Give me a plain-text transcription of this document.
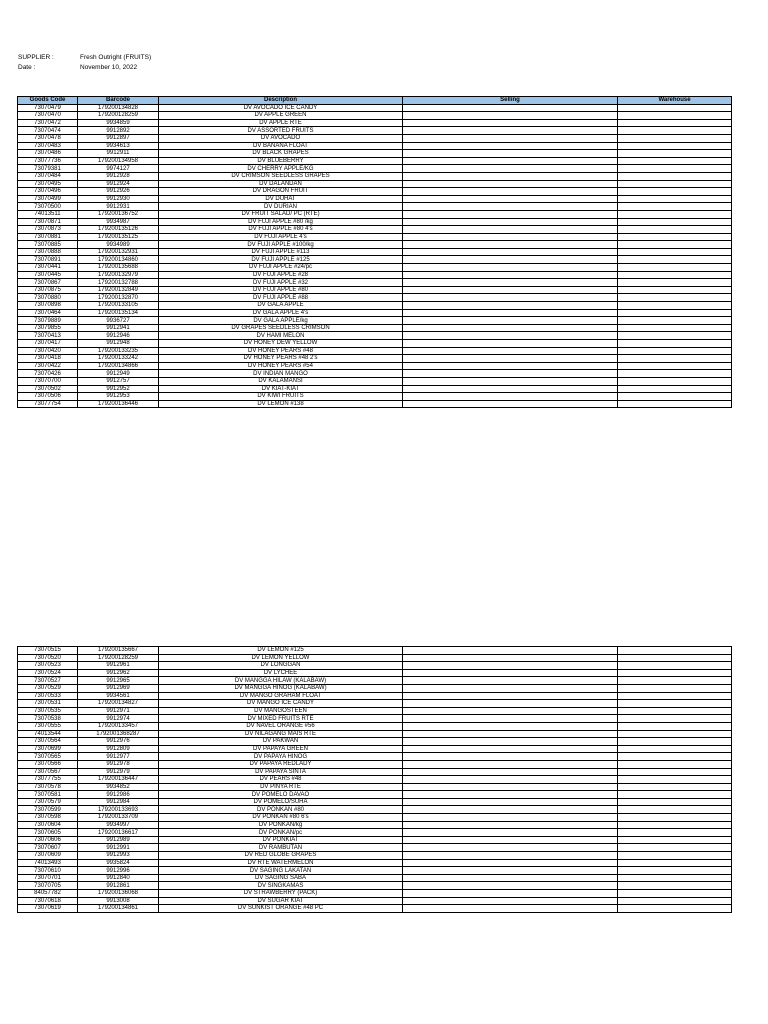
SUPPLIER :	Fresh Outright (FRUITS)
Date :	November 10, 2022
Goods Code	Barcode	Description	Selling	Warehouse
73070479	179200134828	DV AVOCADO ICE CANDY		
73070470	179200128259	DV APPLE GREEN		
73070472	9934859	DV APPLE RTE		
73070474	9912892	DV ASSORTED FRUITS		
73070478	9912897	DV AVOCADO		
73070483	9934613	DV BANANA FLOAT		
73070486	9912911	DV BLACK GRAPES		
73077736	179200134958	DV BLUEBERRY		
73079381	9974127	DV CHERRY APPLE/KG		
73070484	9912928	DV CRIMSON SEEDLESS GRAPES		
73070495	9912924	DV DALANDAN		
73070496	9912926	DV DRAGON FRUIT		
73070499	9912930	DV DUHAT		
73070500	9912931	DV DURIAN		
74013511	179200136752	DV FRUIT SALAD/ PC (RTE)		
73070871	9934987	DV FUJI APPLE #80 /kg		
73070873	179200135126	DV FUJI APPLE #80 4's		
73070881	179200135125	DV FUJI APPLE 4's		
73070885	9934989	DV FUJI APPLE #100/kg		
73070888	179200132931	DV FUJI APPLE #113		
73070891	179200134860	DV FUJI APPLE #125		
73070441	179200135688	DV FUJI APPLE #24/pc		
73070445	179200132979	DV FUJI APPLE #28		
73070867	179200132788	DV FUJI APPLE #32		
73070875	179200132849	DV FUJI APPLE #80		
73070880	179200132870	DV FUJI APPLE #88		
73070898	179200133105	DV GALA APPLE		
73070464	179200135134	DV GALA APPLE 4's		
73079889	9936727	DV GALA APPLE/kg		
73079855	9912941	DV GRAPES SEEDLESS CRIMSON		
73070413	9912946	DV HAMI MELON		
73070417	9912948	DV HONEY DEW YELLOW		
73070420	179200133235	DV HONEY PEARS #48		
73070418	179200133242	DV HONEY PEARS #48 2's		
73070422	179200134866	DV HONEY PEARS #54		
73070426	9912949	DV INDIAN MANGO		
73070700	9912757	DV KALAMANSI		
73070502	9912952	DV KIAT-KIAT		
73070506	9912953	DV KIWI FRUITS		
73077754	179200136446	DV LEMON #138		
73070515	179200135667	DV LEMON #125		
73070520	179200128259	DV LEMON YELLOW		
73070523	9912961	DV LONGGAN		
73070524	9912962	DV LYCHEE		
73070527	9912965	DV MANGGA HILAW (KALABAW)		
73070529	9912969	DV MANGGA HINOG (KALABAW)		
73070533	9934561	DV MANGO GRAHAM FLOAT		
73070531	179200134827	DV MANGO ICE CANDY		
73070535	9912971	DV MANGOSTEEN		
73070538	9912974	DV MIXED FRUITS RTE		
73070555	179200133457	DV NAVEL ORANGE #56		
74013544	1792001368287	DV NILAGANG MAIS RTE		
73070564	9912976	DV PAKWAN		
73070699	9912809	DV PAPAYA GREEN		
73070565	9912977	DV PAPAYA HINOG		
73070566	9912978	DV PAPAYA REDLADY		
73070567	9912979	DV PAPAYA SINTA		
73077755	179200136447	DV PEARS #48		
73070578	9934852	DV PINYA RTE		
73070581	9912986	DV POMELO DAVAO		
73070579	9912984	DV POMELO/SUHA		
73070599	179200133693	DV PONKAN #80		
73070598	179200133709	DV PONKAN #80 6's		
73070604	9934997	DV PONKAN/kg		
73070605	179200136617	DV PONKAN/pc		
73070606	9912989	DV PONKIAT		
73070607	9912991	DV RAMBUTAN		
73070609	9912993	DV RED GLOBE GRAPES		
74013493	9935824	DV RTE WATERMELON		
73070610	9912996	DV SAGING LAKATAN		
73070701	9912840	DV SAGING SABA		
73070705	9912861	DV SINGKAMAS		
84057782	179200136068	DV STRAWBERRY (PACK)		
73070618	9913008	DV SUGAR KIAT		
73070619	179200134861	DV SUNKIST ORANGE #48 PC		
